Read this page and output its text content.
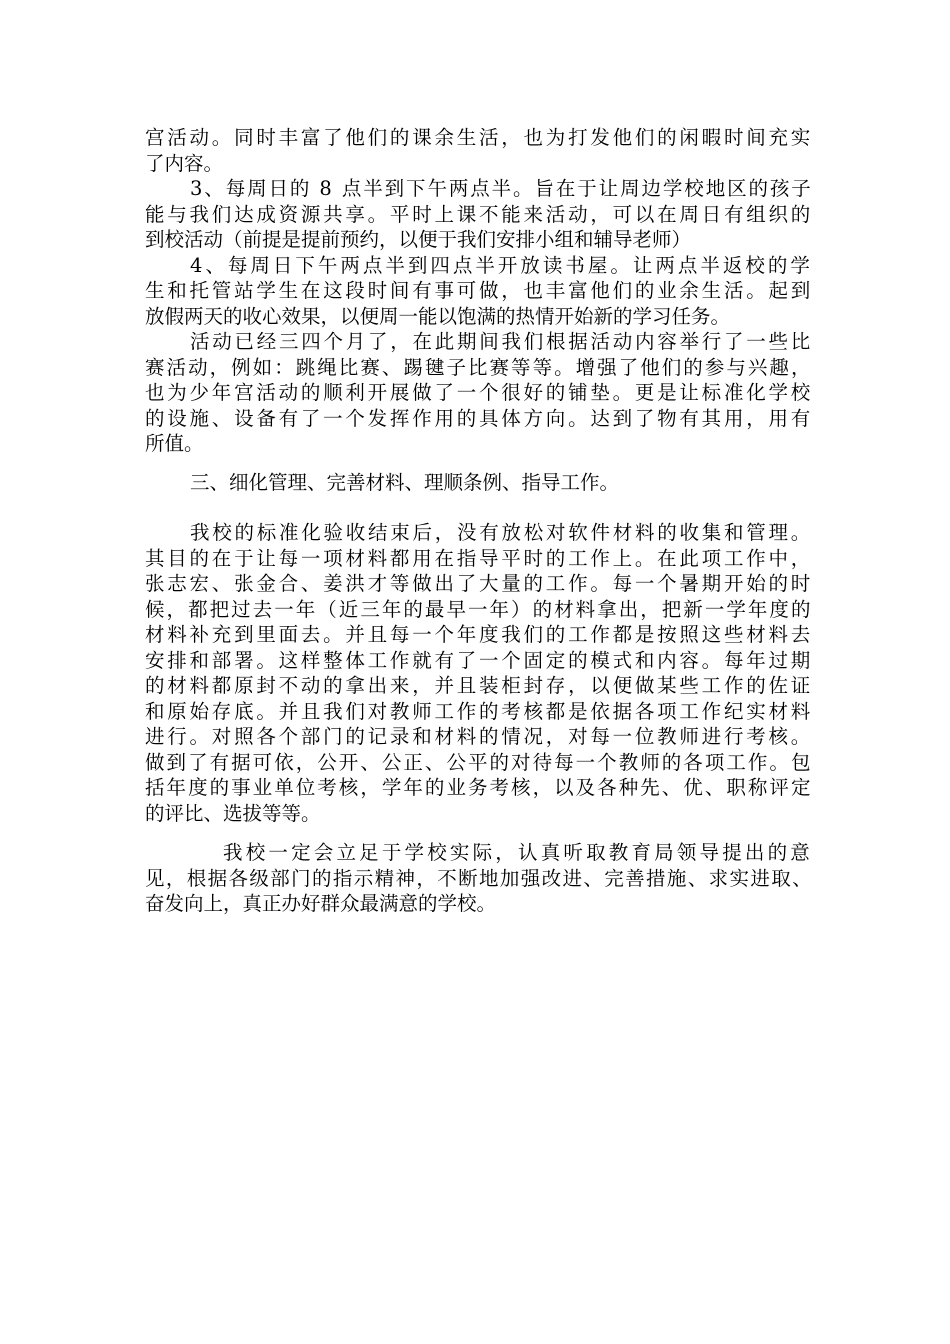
宫活动。同时丰富了他们的课余生活，也为打发他们的闲暇时间充实
了内容。
3、每周日的 8 点半到下午两点半。旨在于让周边学校地区的孩子
能与我们达成资源共享。平时上课不能来活动，可以在周日有组织的
到校活动（前提是提前预约，以便于我们安排小组和辅导老师）
4、每周日下午两点半到四点半开放读书屋。让两点半返校的学
生和托管站学生在这段时间有事可做，也丰富他们的业余生活。起到
放假两天的收心效果，以便周一能以饱满的热情开始新的学习任务。
活动已经三四个月了，在此期间我们根据活动内容举行了一些比
赛活动，例如：跳绳比赛、踢毽子比赛等等。增强了他们的参与兴趣，
也为少年宫活动的顺利开展做了一个很好的铺垫。更是让标准化学校
的设施、设备有了一个发挥作用的具体方向。达到了物有其用，用有
所值。
三、细化管理、完善材料、理顺条例、指导工作。
我校的标准化验收结束后，没有放松对软件材料的收集和管理。
其目的在于让每一项材料都用在指导平时的工作上。在此项工作中，
张志宏、张金合、姜洪才等做出了大量的工作。每一个暑期开始的时
候，都把过去一年（近三年的最早一年）的材料拿出，把新一学年度的
材料补充到里面去。并且每一个年度我们的工作都是按照这些材料去
安排和部署。这样整体工作就有了一个固定的模式和内容。每年过期
的材料都原封不动的拿出来，并且装柜封存，以便做某些工作的佐证
和原始存底。并且我们对教师工作的考核都是依据各项工作纪实材料
进行。对照各个部门的记录和材料的情况，对每一位教师进行考核。
做到了有据可依，公开、公正、公平的对待每一个教师的各项工作。包
括年度的事业单位考核，学年的业务考核，以及各种先、优、职称评定
的评比、选拔等等。
我校一定会立足于学校实际，认真听取教育局领导提出的意
见，根据各级部门的指示精神，不断地加强改进、完善措施、求实进取、
奋发向上，真正办好群众最满意的学校。
